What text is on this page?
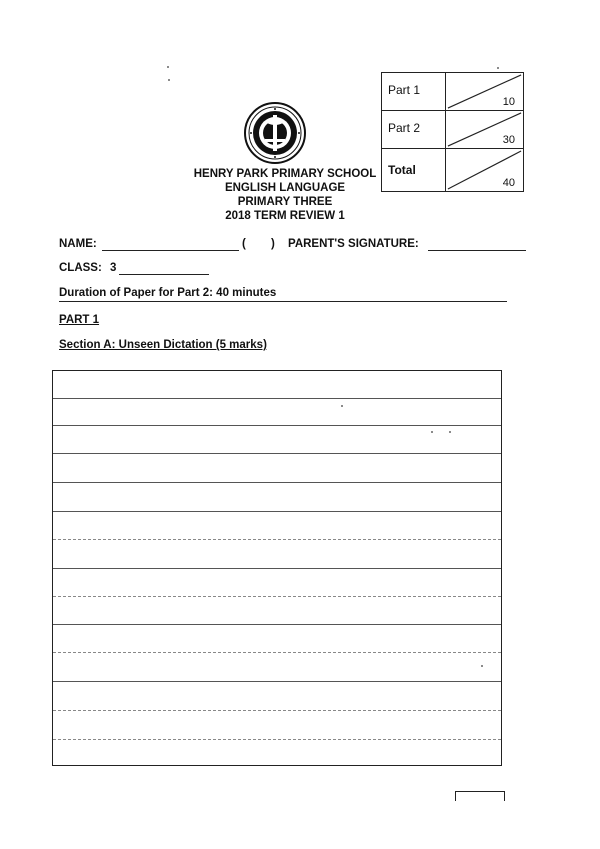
Part 1
10
Part 2
30
Total
40
HENRY PARK PRIMARY SCHOOL
ENGLISH LANGUAGE
PRIMARY THREE
2018 TERM REVIEW 1
NAME:	( ) PARENT'S SIGNATURE:
CLASS: 3
Duration of Paper for Part 2: 40 minutes
PART 1
Section A: Unseen Dictation (5 marks)
